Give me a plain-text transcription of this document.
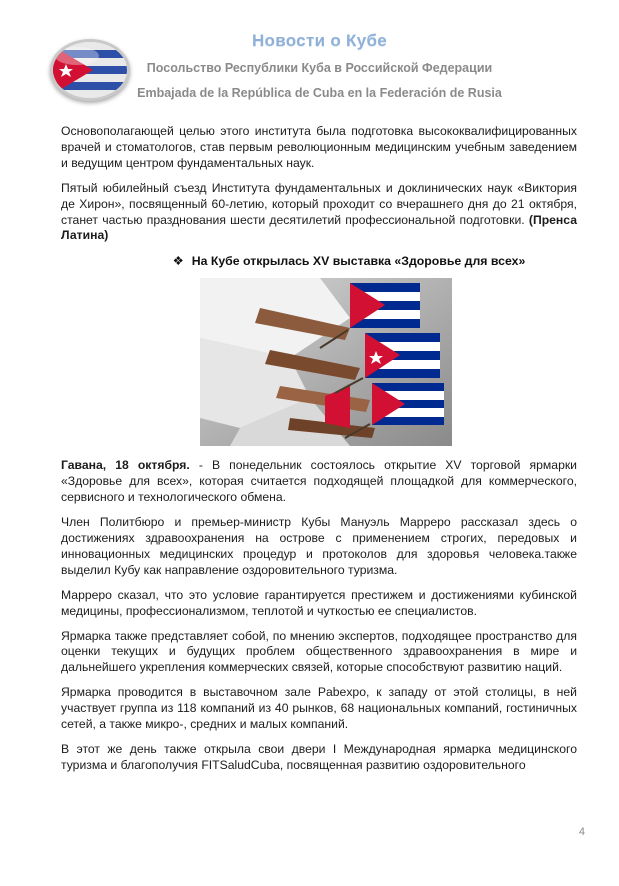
Новости о Кубе
Посольство Республики Куба в Российской Федерации
Embajada de la República de Cuba en la Federación de Rusia

Основополагающей целью этого института была подготовка высококвалифицированных врачей и стоматологов, став первым революционным медицинским учебным заведением и ведущим центром фундаментальных наук.

Пятый юбилейный съезд Института фундаментальных и доклинических наук «Виктория де Хирон», посвященный 60-летию, который проходит со вчерашнего дня до 21 октября, станет частью празднования шести десятилетий профессиональной подготовки. (Пренса Латина)

❖ На Кубе открылась XV выставка «Здоровье для всех»

Гавана, 18 октября. - В понедельник состоялось открытие XV торговой ярмарки «Здоровье для всех», которая считается подходящей площадкой для коммерческого, сервисного и технологического обмена.

Член Политбюро и премьер-министр Кубы Мануэль Марреро рассказал здесь о достижениях здравоохранения на острове с применением строгих, передовых и инновационных медицинских процедур и протоколов для здоровья человека.также выделил Кубу как направление оздоровительного туризма.

Марреро сказал, что это условие гарантируется престижем и достижениями кубинской медицины, профессионализмом, теплотой и чуткостью ее специалистов.

Ярмарка также представляет собой, по мнению экспертов, подходящее пространство для оценки текущих и будущих проблем общественного здравоохранения в мире и дальнейшего укрепления коммерческих связей, которые способствуют развитию наций.

Ярмарка проводится в выставочном зале Pabexpo, к западу от этой столицы, в ней участвует группа из 118 компаний из 40 рынков, 68 национальных компаний, гостиничных сетей, а также микро-, средних и малых компаний.

В этот же день также открыла свои двери I Международная ярмарка медицинского туризма и благополучия FITSaludCuba, посвященная развитию оздоровительного

4
